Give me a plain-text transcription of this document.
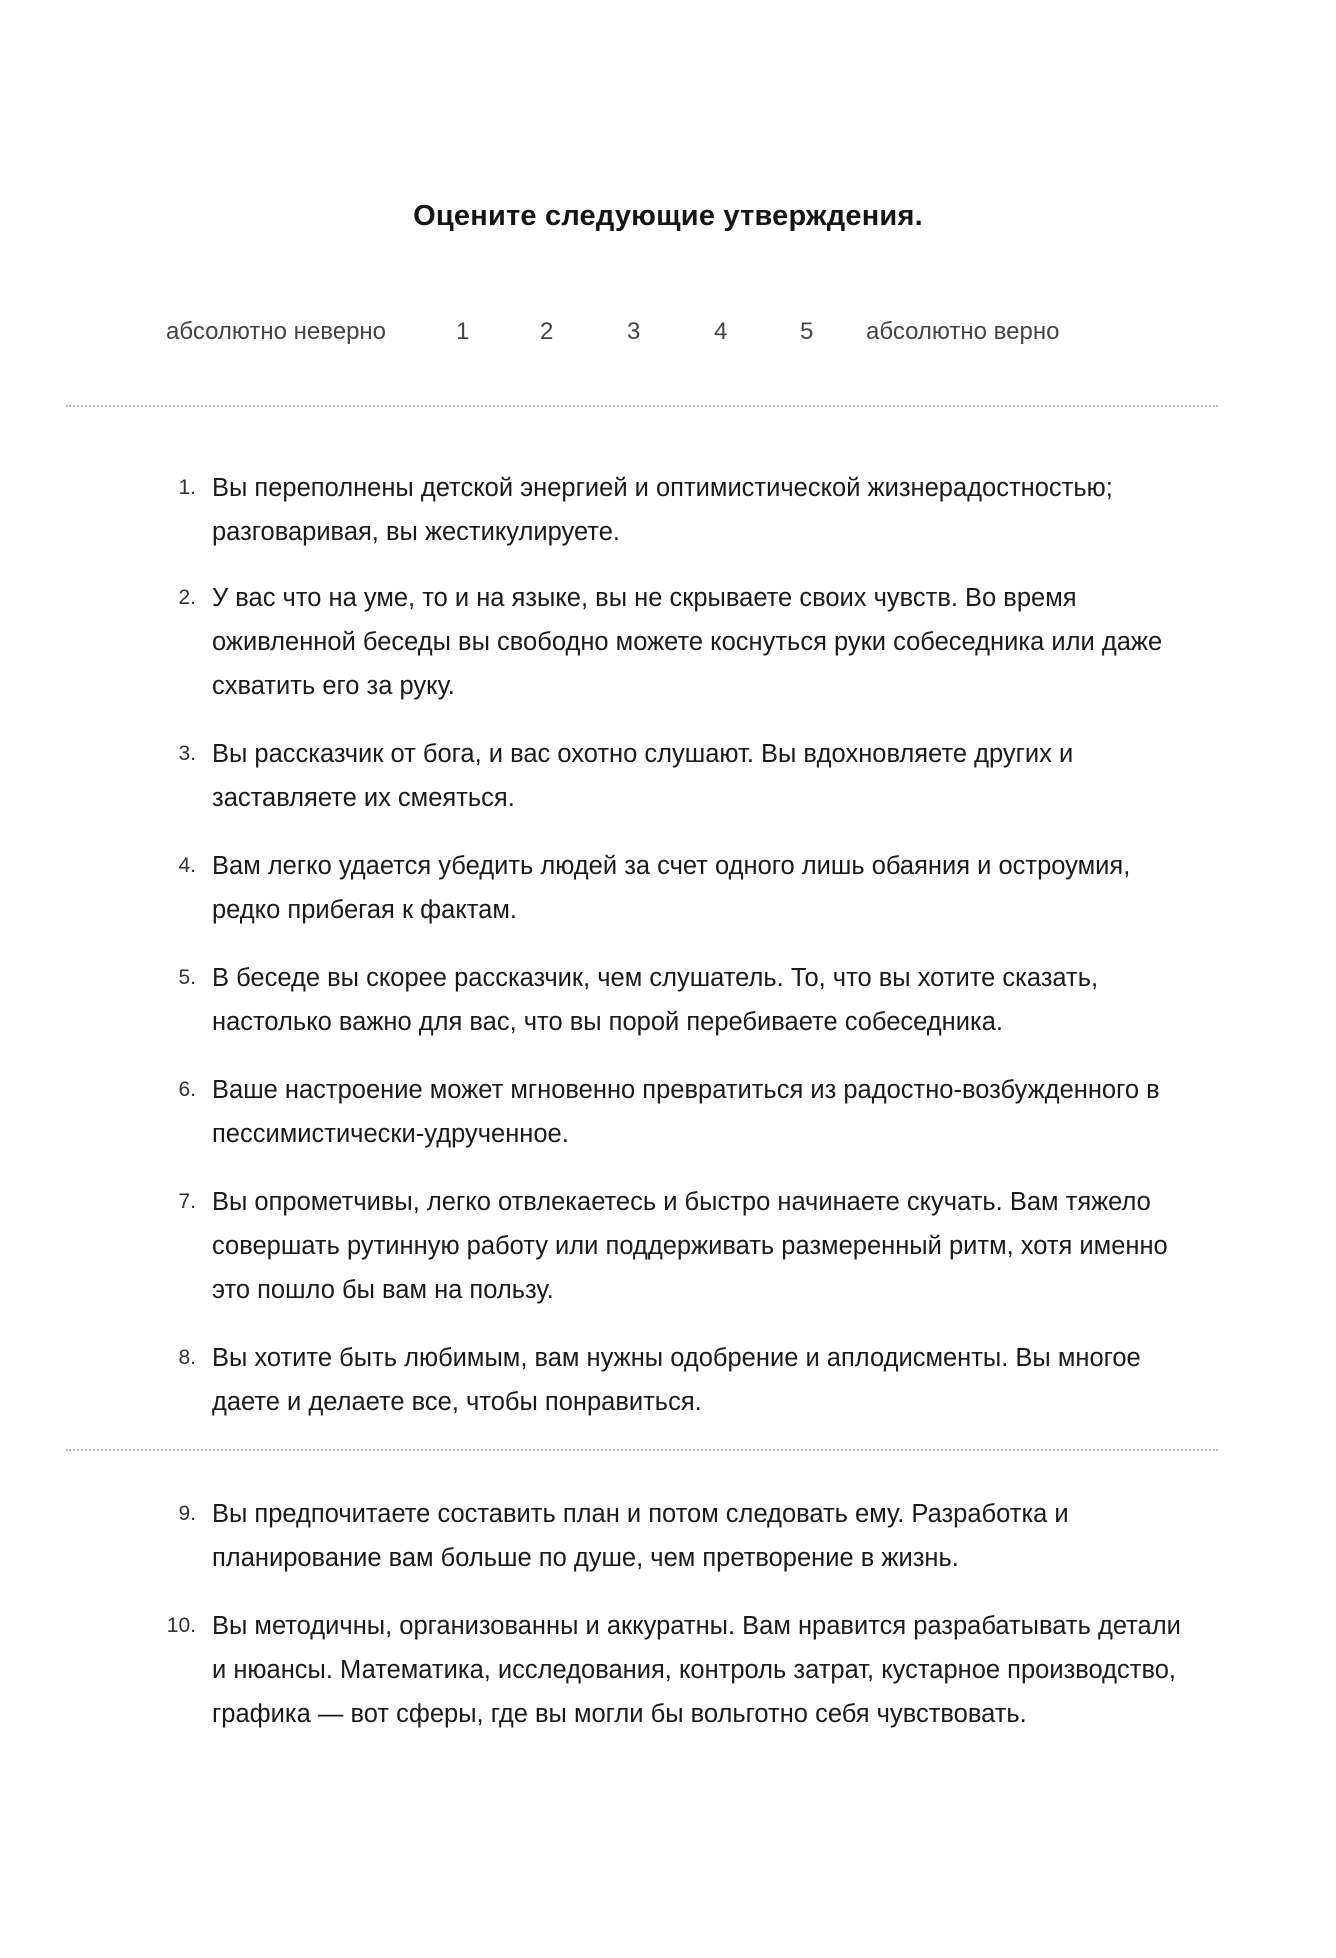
Оцените следующие утверждения.
абсолютно неверно	1	2	3	4	5 абсолютно верно
1. Вы переполнены детской энергией и оптимистической жизнерадостностью; разговаривая, вы жестикулируете.
2. У вас что на уме, то и на языке, вы не скрываете своих чувств. Во время оживленной беседы вы свободно можете коснуться руки собеседника или даже схватить его за руку.
3. Вы рассказчик от бога, и вас охотно слушают. Вы вдохновляете других и заставляете их смеяться.
4. Вам легко удается убедить людей за счет одного лишь обаяния и остроумия, редко прибегая к фактам.
5. В беседе вы скорее рассказчик, чем слушатель. То, что вы хотите сказать, настолько важно для вас, что вы порой перебиваете собеседника.
6. Ваше настроение может мгновенно превратиться из радостно-возбужденного в пессимистически-удрученное.
7. Вы опрометчивы, легко отвлекаетесь и быстро начинаете скучать. Вам тяжело совершать рутинную работу или поддерживать размеренный ритм, хотя именно это пошло бы вам на пользу.
8. Вы хотите быть любимым, вам нужны одобрение и аплодисменты. Вы многое даете и делаете все, чтобы понравиться.
9. Вы предпочитаете составить план и потом следовать ему. Разработка и планирование вам больше по душе, чем претворение в жизнь.
10. Вы методичны, организованны и аккуратны. Вам нравится разрабатывать детали и нюансы. Математика, исследования, контроль затрат, кустарное производство, графика — вот сферы, где вы могли бы вольготно себя чувствовать.
